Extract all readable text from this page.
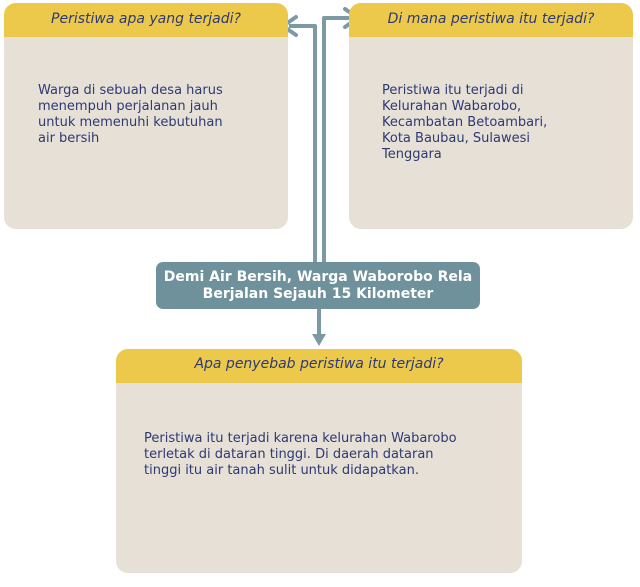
Peristiwa apa yang terjadi?
Warga di sebuah desa harus
menempuh perjalanan jauh
untuk memenuhi kebutuhan
air bersih
Di mana peristiwa itu terjadi?
Peristiwa itu terjadi di
Kelurahan Wabarobo,
Kecambatan Betoambari,
Kota Baubau, Sulawesi
Tenggara
Demi Air Bersih, Warga Waborobo Rela
Berjalan Sejauh 15 Kilometer
Apa penyebab peristiwa itu terjadi?
Peristiwa itu terjadi karena kelurahan Wabarobo
terletak di dataran tinggi. Di daerah dataran
tinggi itu air tanah sulit untuk didapatkan.
